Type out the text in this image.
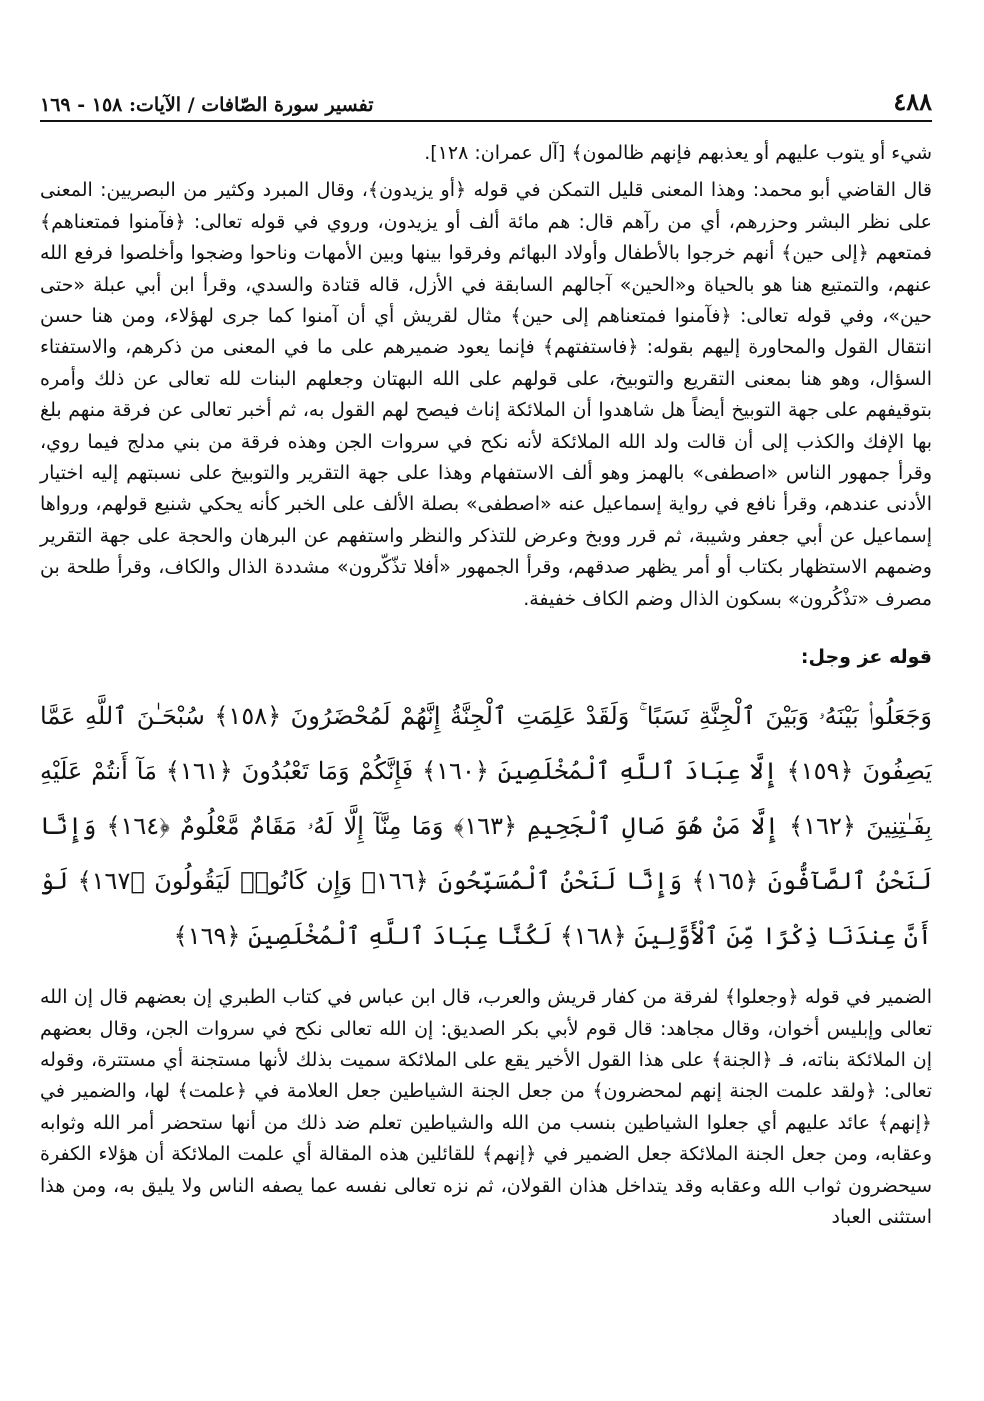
٤٨٨
تفسير سورة الصّافات / الآيات: ١٥٨ - ١٦٩

شيء أو يتوب عليهم أو يعذبهم فإنهم ظالمون﴾ [آل عمران: ١٢٨].

قال القاضي أبو محمد: وهذا المعنى قليل التمكن في قوله ﴿أو يزيدون﴾، وقال المبرد وكثير من البصريين: المعنى على نظر البشر وحزرهم، أي من رآهم قال: هم مائة ألف أو يزيدون، وروي في قوله تعالى: ﴿فآمنوا فمتعناهم﴾ فمتعهم ﴿إلى حين﴾ أنهم خرجوا بالأطفال وأولاد البهائم وفرقوا بينها وبين الأمهات وناحوا وضجوا وأخلصوا فرفع الله عنهم، والتمتيع هنا هو بالحياة و«الحين» آجالهم السابقة في الأزل، قاله قتادة والسدي، وقرأ ابن أبي عبلة «حتى حين»، وفي قوله تعالى: ﴿فآمنوا فمتعناهم إلى حين﴾ مثال لقريش أي أن آمنوا كما جرى لهؤلاء، ومن هنا حسن انتقال القول والمحاورة إليهم بقوله: ﴿فاستفتهم﴾ فإنما يعود ضميرهم على ما في المعنى من ذكرهم، والاستفتاء السؤال، وهو هنا بمعنى التقريع والتوبيخ، على قولهم على الله البهتان وجعلهم البنات لله تعالى عن ذلك وأمره بتوقيفهم على جهة التوبيخ أيضاً هل شاهدوا أن الملائكة إناث فيصح لهم القول به، ثم أخبر تعالى عن فرقة منهم بلغ بها الإفك والكذب إلى أن قالت ولد الله الملائكة لأنه نكح في سروات الجن وهذه فرقة من بني مدلج فيما روي، وقرأ جمهور الناس «اصطفى» بالهمز وهو ألف الاستفهام وهذا على جهة التقرير والتوبيخ على نسبتهم إليه اختيار الأدنى عندهم، وقرأ نافع في رواية إسماعيل عنه «اصطفى» بصلة الألف على الخبر كأنه يحكي شنيع قولهم، ورواها إسماعيل عن أبي جعفر وشيبة، ثم قرر ووبخ وعرض للتذكر والنظر واستفهم عن البرهان والحجة على جهة التقرير وضمهم الاستظهار بكتاب أو أمر يظهر صدقهم، وقرأ الجمهور «أفلا تذّكّرون» مشددة الذال والكاف، وقرأ طلحة بن مصرف «تذْكُرون» بسكون الذال وضم الكاف خفيفة.

قوله عز وجل:
وَجَعَلُوا۟ بَيْنَهُۥ وَبَيْنَ ٱلْجِنَّةِ نَسَبًا ۚ وَلَقَدْ عَلِمَتِ ٱلْجِنَّةُ إِنَّهُمْ لَمُحْضَرُونَ ﴿١٥٨﴾ سُبْحَـٰنَ ٱللَّهِ عَمَّا يَصِفُونَ ﴿١٥٩﴾ إِلَّا عِبَادَ ٱللَّهِ ٱلْمُخْلَصِينَ ﴿١٦٠﴾ فَإِنَّكُمْ وَمَا تَعْبُدُونَ ﴿١٦١﴾ مَآ أَنتُمْ عَلَيْهِ بِفَـٰتِنِينَ ﴿١٦٢﴾ إِلَّا مَنْ هُوَ صَالِ ٱلْجَحِيمِ ﴿١٦٣﴾ وَمَا مِنَّآ إِلَّا لَهُۥ مَقَامٌ مَّعْلُومٌ ﴿١٦٤﴾ وَإِنَّا لَنَحْنُ ٱلصَّآفُّونَ ﴿١٦٥﴾ وَإِنَّا لَنَحْنُ ٱلْمُسَبِّحُونَ ﴿١٦٦﴾ وَإِن كَانُوا۟ لَيَقُولُونَ ﴿١٦٧﴾ لَوْ أَنَّ عِندَنَا ذِكْرًا مِّنَ ٱلْأَوَّلِينَ ﴿١٦٨﴾ لَكُنَّا عِبَادَ ٱللَّهِ ٱلْمُخْلَصِينَ ﴿١٦٩﴾

الضمير في قوله ﴿وجعلوا﴾ لفرقة من كفار قريش والعرب، قال ابن عباس في كتاب الطبري إن بعضهم قال إن الله تعالى وإبليس أخوان، وقال مجاهد: قال قوم لأبي بكر الصديق: إن الله تعالى نكح في سروات الجن، وقال بعضهم إن الملائكة بناته، فـ ﴿الجنة﴾ على هذا القول الأخير يقع على الملائكة سميت بذلك لأنها مستجنة أي مستترة، وقوله تعالى: ﴿ولقد علمت الجنة إنهم لمحضرون﴾ من جعل الجنة الشياطين جعل العلامة في ﴿علمت﴾ لها، والضمير في ﴿إنهم﴾ عائد عليهم أي جعلوا الشياطين بنسب من الله والشياطين تعلم ضد ذلك من أنها ستحضر أمر الله وثوابه وعقابه، ومن جعل الجنة الملائكة جعل الضمير في ﴿إنهم﴾ للقائلين هذه المقالة أي علمت الملائكة أن هؤلاء الكفرة سيحضرون ثواب الله وعقابه وقد يتداخل هذان القولان، ثم نزه تعالى نفسه عما يصفه الناس ولا يليق به، ومن هذا استثنى العباد
